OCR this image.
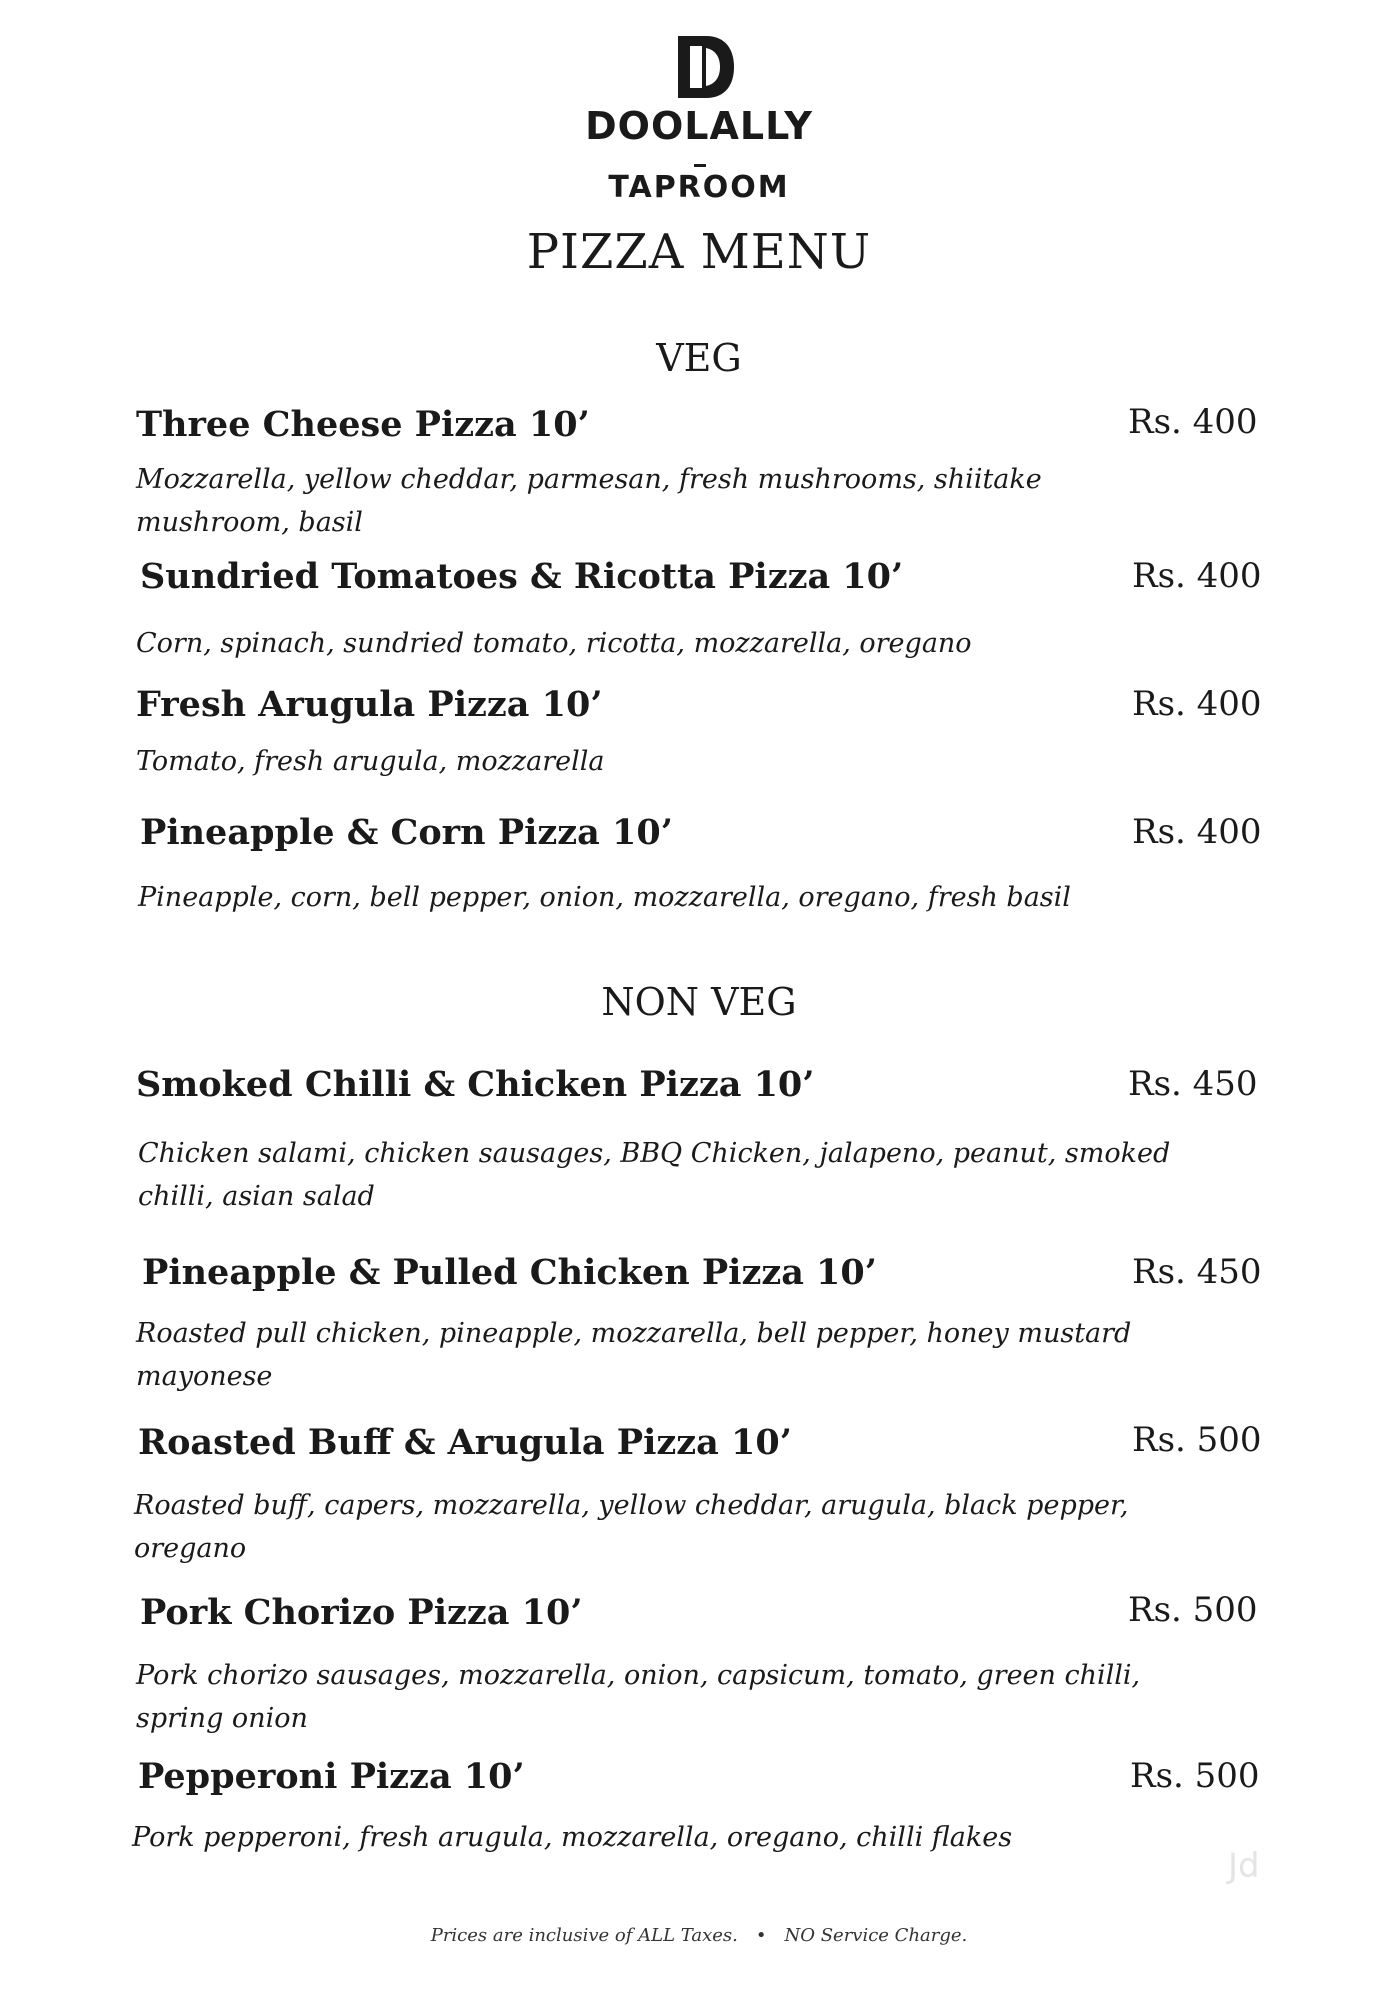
DOOLALLY
TAPROOM
PIZZA MENU
VEG
Three Cheese Pizza 10’	Rs. 400
Mozzarella, yellow cheddar, parmesan, fresh mushrooms, shiitake mushroom, basil
Sundried Tomatoes & Ricotta Pizza 10’	Rs. 400
Corn, spinach, sundried tomato, ricotta, mozzarella, oregano
Fresh Arugula Pizza 10’	Rs. 400
Tomato, fresh arugula, mozzarella
Pineapple & Corn Pizza 10’	Rs. 400
Pineapple, corn, bell pepper, onion, mozzarella, oregano, fresh basil
NON VEG
Smoked Chilli & Chicken Pizza 10’	Rs. 450
Chicken salami, chicken sausages, BBQ Chicken, jalapeno, peanut, smoked chilli, asian salad
Pineapple & Pulled Chicken Pizza 10’	Rs. 450
Roasted pull chicken, pineapple, mozzarella, bell pepper, honey mustard mayonese
Roasted Buff & Arugula Pizza 10’	Rs. 500
Roasted buff, capers, mozzarella, yellow cheddar, arugula, black pepper, oregano
Pork Chorizo Pizza 10’	Rs. 500
Pork chorizo sausages, mozzarella, onion, capsicum, tomato, green chilli, spring onion
Pepperoni Pizza 10’	Rs. 500
Pork pepperoni, fresh arugula, mozzarella, oregano, chilli flakes
Prices are inclusive of ALL Taxes. • NO Service Charge.
Jd
